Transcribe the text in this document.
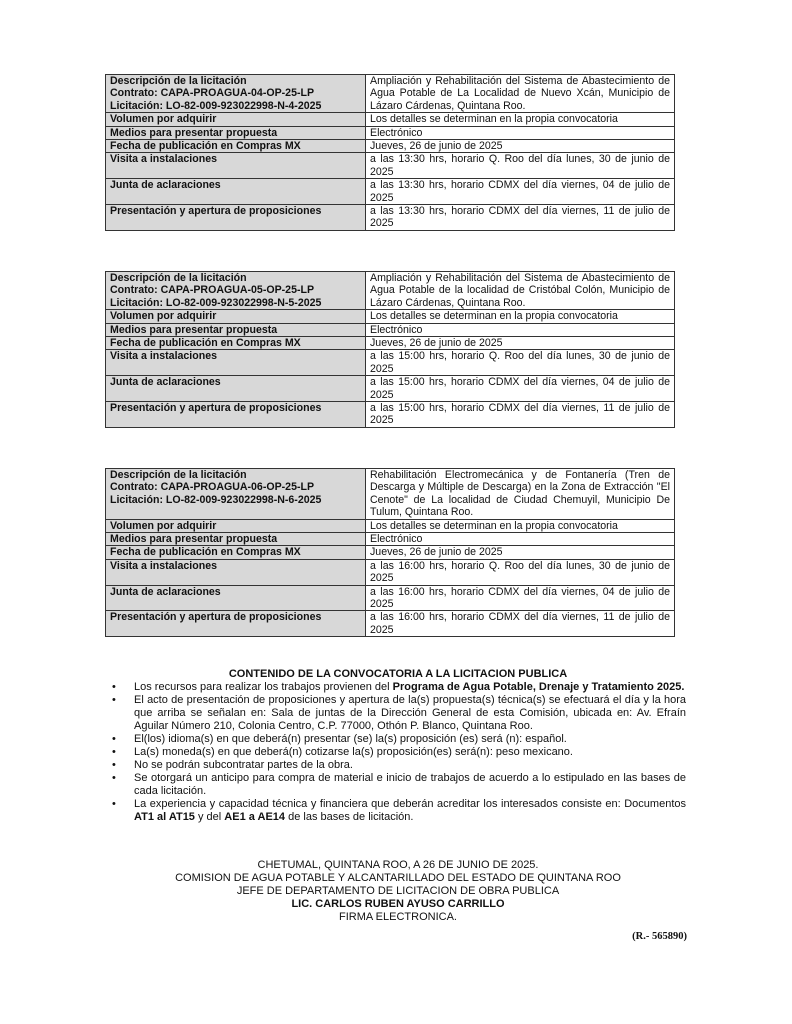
Descripción de la licitación
Contrato: CAPA-PROAGUA-04-OP-25-LP
Licitación: LO-82-009-923022998-N-4-2025	Ampliación y Rehabilitación del Sistema de Abastecimiento de Agua Potable de La Localidad de Nuevo Xcán, Municipio de Lázaro Cárdenas, Quintana Roo.
Volumen por adquirir	Los detalles se determinan en la propia convocatoria
Medios para presentar propuesta	Electrónico
Fecha de publicación en Compras MX	Jueves, 26 de junio de 2025
Visita a instalaciones	a las 13:30 hrs, horario Q. Roo del día lunes, 30 de junio de 2025
Junta de aclaraciones	a las 13:30 hrs, horario CDMX del día viernes, 04 de julio de 2025
Presentación y apertura de proposiciones	a las 13:30 hrs, horario CDMX del día viernes, 11 de julio de 2025
Descripción de la licitación
Contrato: CAPA-PROAGUA-05-OP-25-LP
Licitación: LO-82-009-923022998-N-5-2025	Ampliación y Rehabilitación del Sistema de Abastecimiento de Agua Potable de la localidad de Cristóbal Colón, Municipio de Lázaro Cárdenas, Quintana Roo.
Volumen por adquirir	Los detalles se determinan en la propia convocatoria
Medios para presentar propuesta	Electrónico
Fecha de publicación en Compras MX	Jueves, 26 de junio de 2025
Visita a instalaciones	a las 15:00 hrs, horario Q. Roo del día lunes, 30 de junio de 2025
Junta de aclaraciones	a las 15:00 hrs, horario CDMX del día viernes, 04 de julio de 2025
Presentación y apertura de proposiciones	a las 15:00 hrs, horario CDMX del día viernes, 11 de julio de 2025
Descripción de la licitación
Contrato: CAPA-PROAGUA-06-OP-25-LP
Licitación: LO-82-009-923022998-N-6-2025	Rehabilitación Electromecánica y de Fontanería (Tren de Descarga y Múltiple de Descarga) en la Zona de Extracción "El Cenote" de La localidad de Ciudad Chemuyil, Municipio De Tulum, Quintana Roo.
Volumen por adquirir	Los detalles se determinan en la propia convocatoria
Medios para presentar propuesta	Electrónico
Fecha de publicación en Compras MX	Jueves, 26 de junio de 2025
Visita a instalaciones	a las 16:00 hrs, horario Q. Roo del día lunes, 30 de junio de 2025
Junta de aclaraciones	a las 16:00 hrs, horario CDMX del día viernes, 04 de julio de 2025
Presentación y apertura de proposiciones	a las 16:00 hrs, horario CDMX del día viernes, 11 de julio de 2025
CONTENIDO DE LA CONVOCATORIA A LA LICITACION PUBLICA
• Los recursos para realizar los trabajos provienen del Programa de Agua Potable, Drenaje y Tratamiento 2025.
• El acto de presentación de proposiciones y apertura de la(s) propuesta(s) técnica(s) se efectuará el día y la hora que arriba se señalan en: Sala de juntas de la Dirección General de esta Comisión, ubicada en: Av. Efraín Aguilar Número 210, Colonia Centro, C.P. 77000, Othón P. Blanco, Quintana Roo.
• El(los) idioma(s) en que deberá(n) presentar (se) la(s) proposición (es) será (n): español.
• La(s) moneda(s) en que deberá(n) cotizarse la(s) proposición(es) será(n): peso mexicano.
• No se podrán subcontratar partes de la obra.
• Se otorgará un anticipo para compra de material e inicio de trabajos de acuerdo a lo estipulado en las bases de cada licitación.
• La experiencia y capacidad técnica y financiera que deberán acreditar los interesados consiste en: Documentos AT1 al AT15 y del AE1 a AE14 de las bases de licitación.
CHETUMAL, QUINTANA ROO, A 26 DE JUNIO DE 2025.
COMISION DE AGUA POTABLE Y ALCANTARILLADO DEL ESTADO DE QUINTANA ROO
JEFE DE DEPARTAMENTO DE LICITACION DE OBRA PUBLICA
LIC. CARLOS RUBEN AYUSO CARRILLO
FIRMA ELECTRONICA.
(R.- 565890)
